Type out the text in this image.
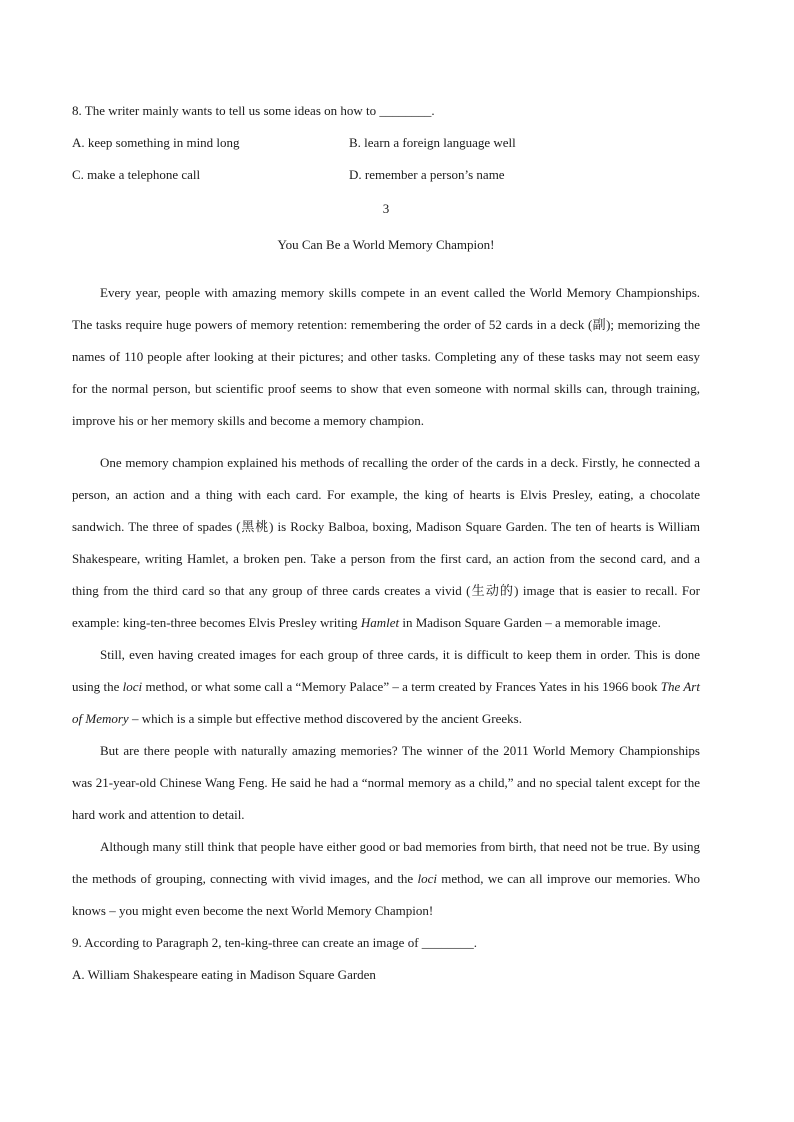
8. The writer mainly wants to tell us some ideas on how to ________.

A. keep something in mind long	B. learn a foreign language well
C. make a telephone call	D. remember a person’s name
3
You Can Be a World Memory Champion!

Every year, people with amazing memory skills compete in an event called the World Memory Championships. The tasks require huge powers of memory retention: remembering the order of 52 cards in a deck (副); memorizing the names of 110 people after looking at their pictures; and other tasks. Completing any of these tasks may not seem easy for the normal person, but scientific proof seems to show that even someone with normal skills can, through training, improve his or her memory skills and become a memory champion.

One memory champion explained his methods of recalling the order of the cards in a deck. Firstly, he connected a person, an action and a thing with each card. For example, the king of hearts is Elvis Presley, eating, a chocolate sandwich. The three of spades (黑桃) is Rocky Balboa, boxing, Madison Square Garden. The ten of hearts is William Shakespeare, writing Hamlet, a broken pen. Take a person from the first card, an action from the second card, and a thing from the third card so that any group of three cards creates a vivid (生动的) image that is easier to recall. For example: king-ten-three becomes Elvis Presley writing Hamlet in Madison Square Garden – a memorable image.

Still, even having created images for each group of three cards, it is difficult to keep them in order. This is done using the loci method, or what some call a “Memory Palace” – a term created by Frances Yates in his 1966 book The Art of Memory – which is a simple but effective method discovered by the ancient Greeks.

But are there people with naturally amazing memories? The winner of the 2011 World Memory Championships was 21-year-old Chinese Wang Feng. He said he had a “normal memory as a child,” and no special talent except for the hard work and attention to detail.

Although many still think that people have either good or bad memories from birth, that need not be true. By using the methods of grouping, connecting with vivid images, and the loci method, we can all improve our memories. Who knows – you might even become the next World Memory Champion!

9. According to Paragraph 2, ten-king-three can create an image of ________.

A. William Shakespeare eating in Madison Square Garden
